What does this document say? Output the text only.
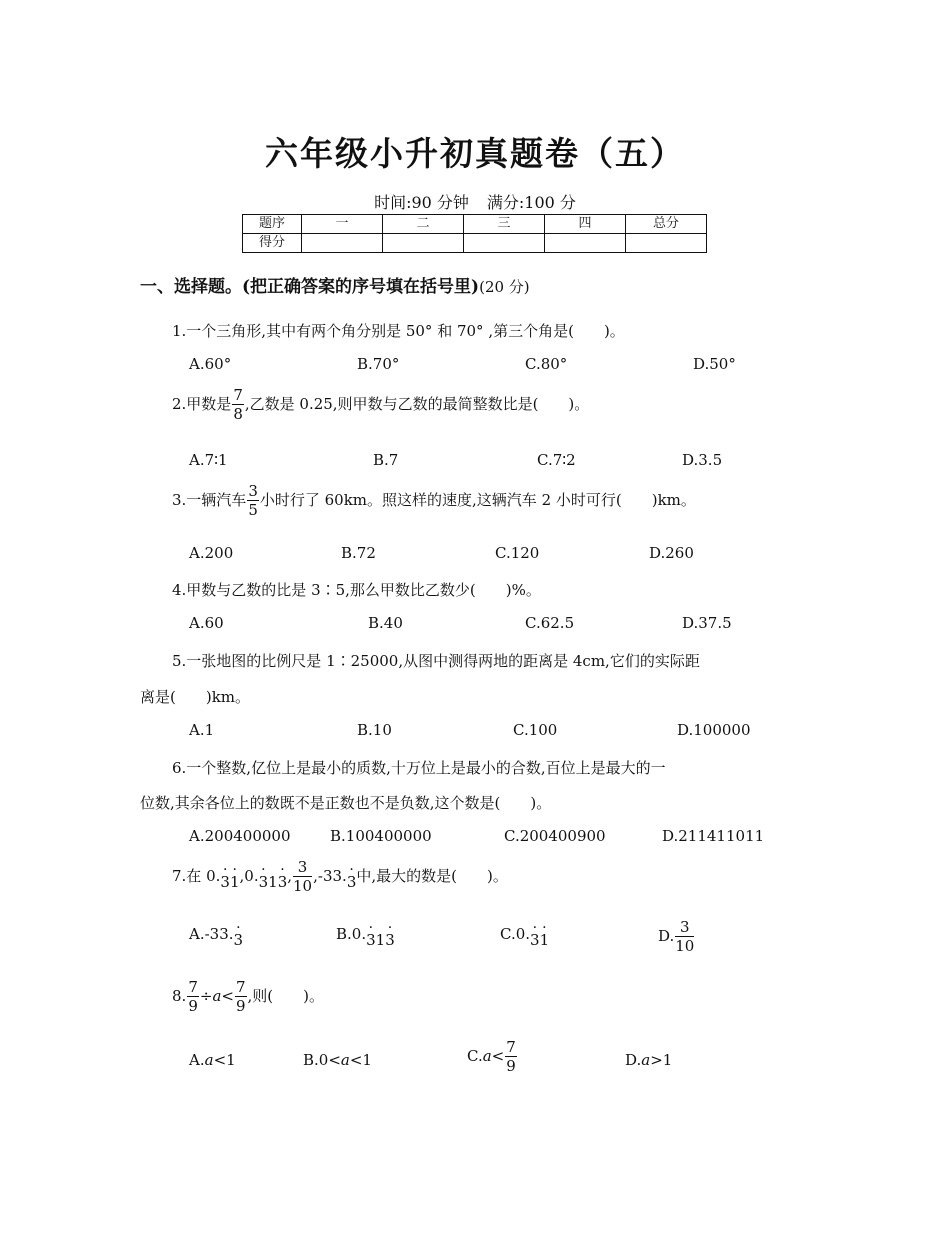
六年级小升初真题卷（五）
时间:90 分钟 满分:100 分
题序	一	二	三	四	总分
得分					
一、选择题。(把正确答案的序号填在括号里)(20 分)
1.一个三角形,其中有两个角分别是 50° 和 70° ,第三个角是(　　)。
A.60°	B.70°	C.80°	D.50°
2.甲数是 $\frac{7}{8}$ ,乙数是 0.25,则甲数与乙数的最简整数比是(　　)。
A.7∶1	B.7	C.7∶2	D.3.5
3.一辆汽车 $\frac{3}{5}$ 小时行了 60km。照这样的速度,这辆汽车 2 小时可行(　　)km。
A.200	B.72	C.120	D.260
4.甲数与乙数的比是 3∶5,那么甲数比乙数少(　　)%。
A.60	B.40	C.62.5	D.37.5
5.一张地图的比例尺是 1∶25000,从图中测得两地的距离是 4cm,它们的实际距
离是(　　)km。
A.1	B.10	C.100	D.100000
6.一个整数,亿位上是最小的质数,十万位上是最小的合数,百位上是最大的一
位数,其余各位上的数既不是正数也不是负数,这个数是(　　)。
A.200400000	B.100400000	C.200400900	D.211411011
7.在 0.· 3· 1,0.· 31· 3, $\frac{3}{10} ,-33.\cdot 3$中,最大的数是(　　)。
A.-33.· 3	B.0.· 31· 3	C.0.· 3· 1	D. $\frac{3}{10}$
8. $\frac{7}{9} \div a< \frac{7}{9}$ ,则(　　)。
A.a<1	B.0<a<1	$C.a< \frac{7}{9}$	D.a>1
